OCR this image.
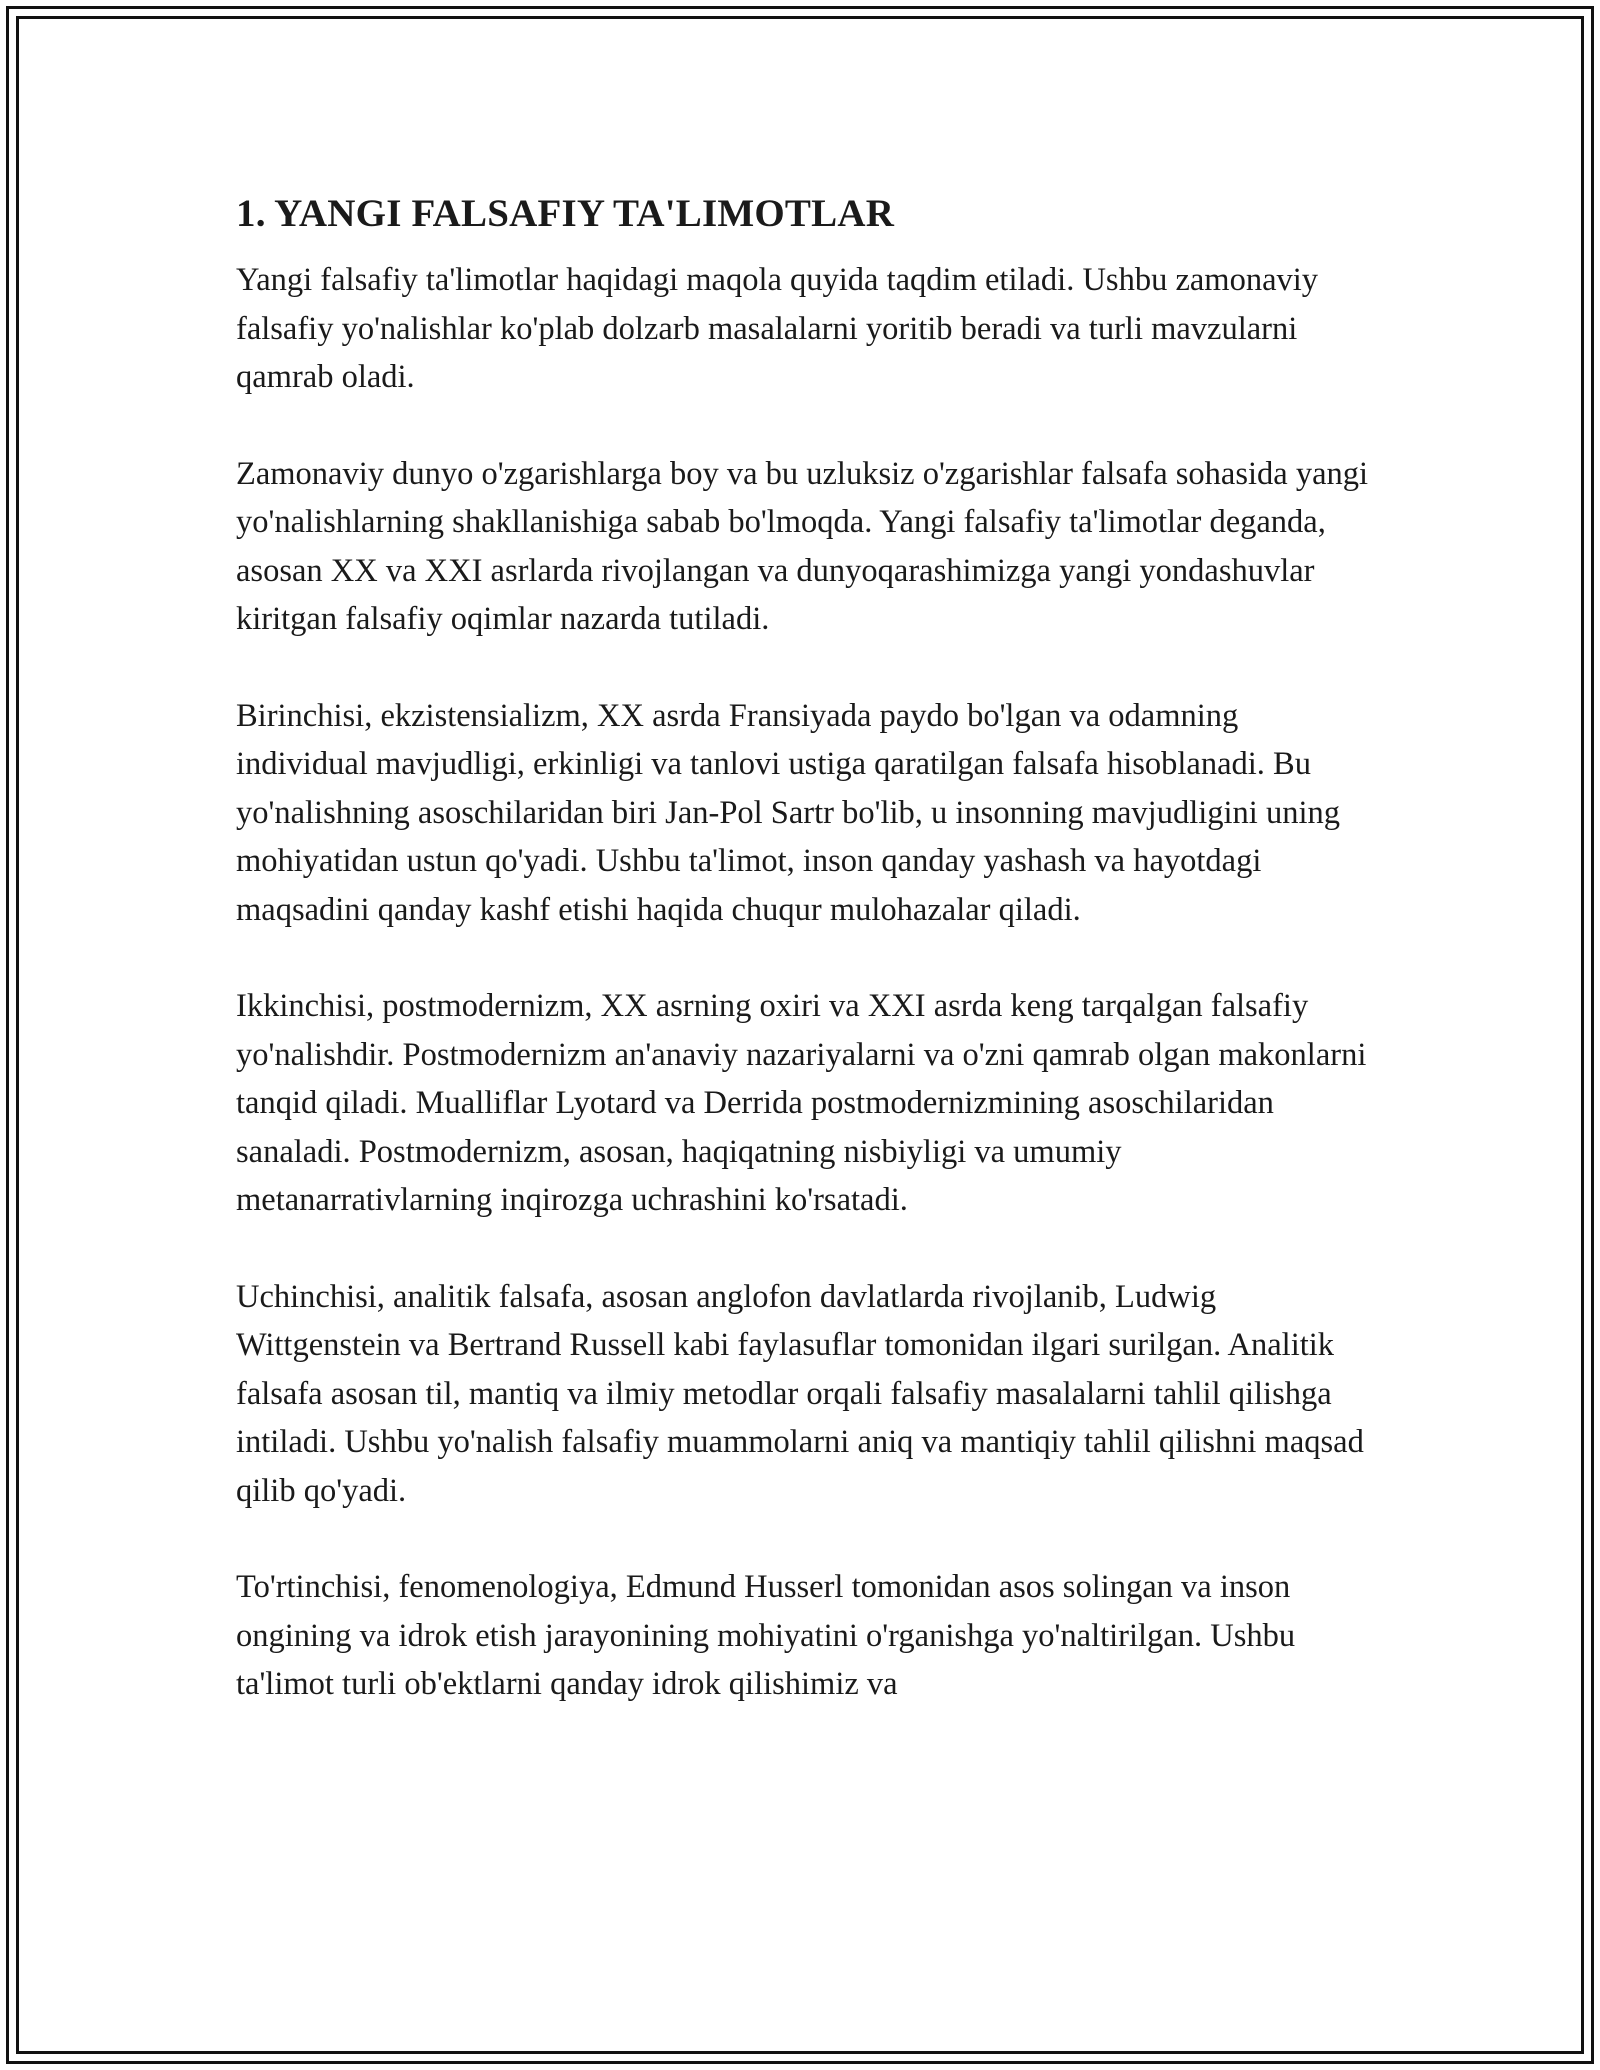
1. YANGI FALSAFIY TA'LIMOTLAR

Yangi falsafiy ta'limotlar haqidagi maqola quyida taqdim etiladi. Ushbu zamonaviy falsafiy yo'nalishlar ko'plab dolzarb masalalarni yoritib beradi va turli mavzularni qamrab oladi.

Zamonaviy dunyo o'zgarishlarga boy va bu uzluksiz o'zgarishlar falsafa sohasida yangi yo'nalishlarning shakllanishiga sabab bo'lmoqda. Yangi falsafiy ta'limotlar deganda, asosan XX va XXI asrlarda rivojlangan va dunyoqarashimizga yangi yondashuvlar kiritgan falsafiy oqimlar nazarda tutiladi.

Birinchisi, ekzistensializm, XX asrda Fransiyada paydo bo'lgan va odamning individual mavjudligi, erkinligi va tanlovi ustiga qaratilgan falsafa hisoblanadi. Bu yo'nalishning asoschilaridan biri Jan-Pol Sartr bo'lib, u insonning mavjudligini uning mohiyatidan ustun qo'yadi. Ushbu ta'limot, inson qanday yashash va hayotdagi maqsadini qanday kashf etishi haqida chuqur mulohazalar qiladi.

Ikkinchisi, postmodernizm, XX asrning oxiri va XXI asrda keng tarqalgan falsafiy yo'nalishdir. Postmodernizm an'anaviy nazariyalarni va o'zni qamrab olgan makonlarni tanqid qiladi. Mualliflar Lyotard va Derrida postmodernizmining asoschilaridan sanaladi. Postmodernizm, asosan, haqiqatning nisbiyligi va umumiy metanarrativlarning inqirozga uchrashini ko'rsatadi.

Uchinchisi, analitik falsafa, asosan anglofon davlatlarda rivojlanib, Ludwig Wittgenstein va Bertrand Russell kabi faylasuflar tomonidan ilgari surilgan. Analitik falsafa asosan til, mantiq va ilmiy metodlar orqali falsafiy masalalarni tahlil qilishga intiladi. Ushbu yo'nalish falsafiy muammolarni aniq va mantiqiy tahlil qilishni maqsad qilib qo'yadi.

To'rtinchisi, fenomenologiya, Edmund Husserl tomonidan asos solingan va inson ongining va idrok etish jarayonining mohiyatini o'rganishga yo'naltirilgan. Ushbu ta'limot turli ob'ektlarni qanday idrok qilishimiz va
